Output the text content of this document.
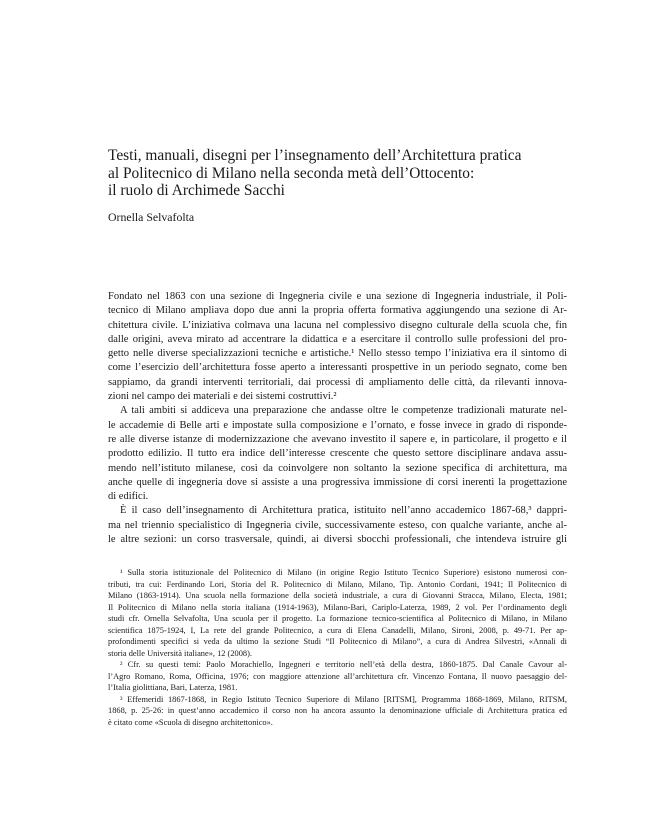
Testi, manuali, disegni per l’insegnamento dell’Architettura pratica
al Politecnico di Milano nella seconda metà dell’Ottocento:
il ruolo di Archimede Sacchi
Ornella Selvafolta
Fondato nel 1863 con una sezione di Ingegneria civile e una sezione di Ingegneria industriale, il Poli-
tecnico di Milano ampliava dopo due anni la propria offerta formativa aggiungendo una sezione di Ar-
chitettura civile. L’iniziativa colmava una lacuna nel complessivo disegno culturale della scuola che, fin
dalle origini, aveva mirato ad accentrare la didattica e a esercitare il controllo sulle professioni del pro-
getto nelle diverse specializzazioni tecniche e artistiche.¹ Nello stesso tempo l’iniziativa era il sintomo di
come l’esercizio dell’architettura fosse aperto a interessanti prospettive in un periodo segnato, come ben
sappiamo, da grandi interventi territoriali, dai processi di ampliamento delle città, da rilevanti innova-
zioni nel campo dei materiali e dei sistemi costruttivi.²
A tali ambiti si addiceva una preparazione che andasse oltre le competenze tradizionali maturate nel-
le accademie di Belle arti e impostate sulla composizione e l’ornato, e fosse invece in grado di risponde-
re alle diverse istanze di modernizzazione che avevano investito il sapere e, in particolare, il progetto e il
prodotto edilizio. Il tutto era indice dell’interesse crescente che questo settore disciplinare andava assu-
mendo nell’istituto milanese, così da coinvolgere non soltanto la sezione specifica di architettura, ma
anche quelle di ingegneria dove si assiste a una progressiva immissione di corsi inerenti la progettazione
di edifici.
È il caso dell’insegnamento di Architettura pratica, istituito nell’anno accademico 1867-68,³ dappri-
ma nel triennio specialistico di Ingegneria civile, successivamente esteso, con qualche variante, anche al-
le altre sezioni: un corso trasversale, quindi, ai diversi sbocchi professionali, che intendeva istruire gli
¹ Sulla storia istituzionale del Politecnico di Milano (in origine Regio Istituto Tecnico Superiore) esistono numerosi con-
tributi, tra cui: Ferdinando Lori, Storia del R. Politecnico di Milano, Milano, Tip. Antonio Cordani, 1941; Il Politecnico di
Milano (1863-1914). Una scuola nella formazione della società industriale, a cura di Giovanni Stracca, Milano, Electa, 1981;
Il Politecnico di Milano nella storia italiana (1914-1963), Milano-Bari, Cariplo-Laterza, 1989, 2 vol. Per l’ordinamento degli
studi cfr. Ornella Selvafolta, Una scuola per il progetto. La formazione tecnico-scientifica al Politecnico di Milano, in Milano
scientifica 1875-1924, I, La rete del grande Politecnico, a cura di Elena Canadelli, Milano, Sironi, 2008, p. 49-71. Per ap-
profondimenti specifici si veda da ultimo la sezione Studi “Il Politecnico di Milano”, a cura di Andrea Silvestri, «Annali di
storia delle Università italiane», 12 (2008).
² Cfr. su questi temi: Paolo Morachiello, Ingegneri e territorio nell’età della destra, 1860-1875. Dal Canale Cavour al-
l’Agro Romano, Roma, Officina, 1976; con maggiore attenzione all’architettura cfr. Vincenzo Fontana, Il nuovo paesaggio del-
l’Italia giolittiana, Bari, Laterza, 1981.
³ Effemeridi 1867-1868, in Regio Istituto Tecnico Superiore di Milano [RITSM], Programma 1868-1869, Milano, RITSM,
1868, p. 25-26: in quest’anno accademico il corso non ha ancora assunto la denominazione ufficiale di Architettura pratica ed
è citato come «Scuola di disegno architettonico».
